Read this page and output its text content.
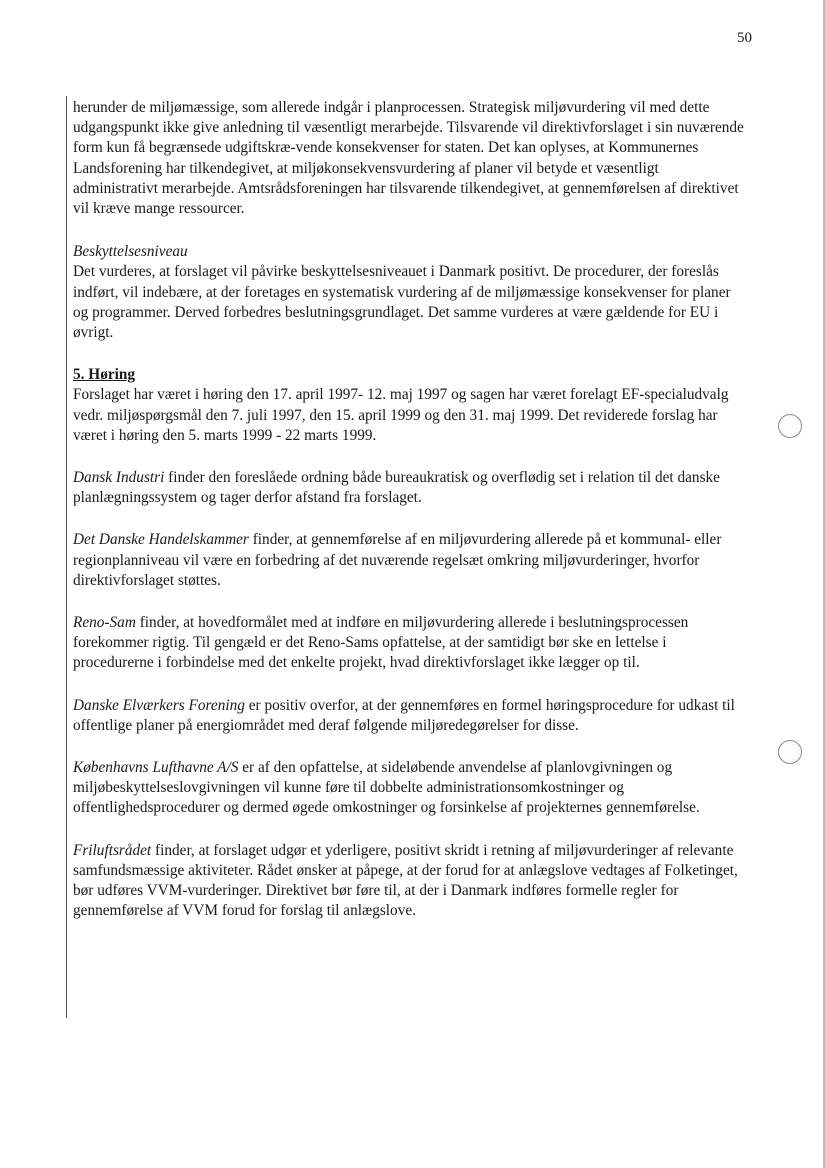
50

herunder de miljømæssige, som allerede indgår i planprocessen. Strategisk miljøvurdering vil med dette udgangspunkt ikke give anledning til væsentligt merarbejde. Tilsvarende vil direktivforslaget i sin nuværende form kun få begrænsede udgiftskræ-vende konsekvenser for staten. Det kan oplyses, at Kommunernes Landsforening har tilkendegivet, at miljøkonsekvensvurdering af planer vil betyde et væsentligt administrativt merarbejde. Amtsrådsforeningen har tilsvarende tilkendegivet, at gennemførelsen af direktivet vil kræve mange ressourcer.

Beskyttelsesniveau
Det vurderes, at forslaget vil påvirke beskyttelsesniveauet i Danmark positivt. De procedurer, der foreslås indført, vil indebære, at der foretages en systematisk vurdering af de miljømæssige konsekvenser for planer og programmer. Derved forbedres beslutningsgrundlaget. Det samme vurderes at være gældende for EU i øvrigt.
5. Høring
Forslaget har været i høring den 17. april 1997- 12. maj 1997 og sagen har været forelagt EF-specialudvalg vedr. miljøspørgsmål den 7. juli 1997, den 15. april 1999 og den 31. maj 1999. Det reviderede forslag har været i høring den 5. marts 1999 - 22 marts 1999.

Dansk Industri finder den foreslåede ordning både bureaukratisk og overflødig set i relation til det danske planlægningssystem og tager derfor afstand fra forslaget.

Det Danske Handelskammer finder, at gennemførelse af en miljøvurdering allerede på et kommunal- eller regionplanniveau vil være en forbedring af det nuværende regelsæt omkring miljøvurderinger, hvorfor direktivforslaget støttes.

Reno-Sam finder, at hovedformålet med at indføre en miljøvurdering allerede i beslutningsprocessen forekommer rigtig. Til gengæld er det Reno-Sams opfattelse, at der samtidigt bør ske en lettelse i procedurerne i forbindelse med det enkelte projekt, hvad direktivforslaget ikke lægger op til.

Danske Elværkers Forening er positiv overfor, at der gennemføres en formel høringsprocedure for udkast til offentlige planer på energiområdet med deraf følgende miljøredegørelser for disse.

Københavns Lufthavne A/S er af den opfattelse, at sideløbende anvendelse af planlovgivningen og miljøbeskyttelseslovgivningen vil kunne føre til dobbelte administrationsomkostninger og offentlighedsprocedurer og dermed øgede omkostninger og forsinkelse af projekternes gennemførelse.

Friluftsrådet finder, at forslaget udgør et yderligere, positivt skridt i retning af miljøvurderinger af relevante samfundsmæssige aktiviteter. Rådet ønsker at påpege, at der forud for at anlægslove vedtages af Folketinget, bør udføres VVM-vurderinger. Direktivet bør føre til, at der i Danmark indføres formelle regler for gennemførelse af VVM forud for forslag til anlægslove.
